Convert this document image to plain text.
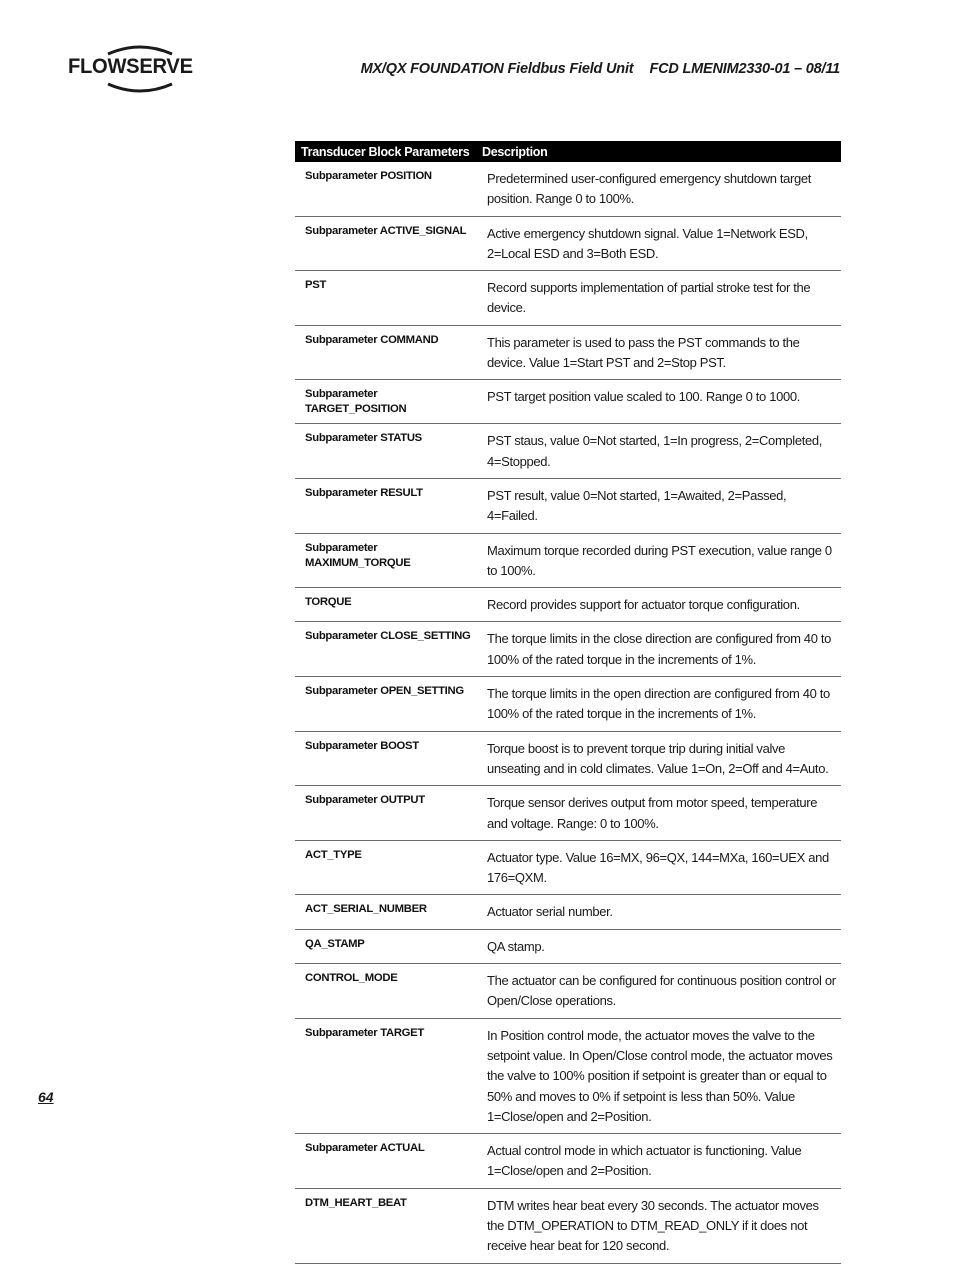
FLOWSERVE	MX/QX FOUNDATION Fieldbus Field Unit FCD LMENIM2330-01 – 08/11
Transducer Block Parameters	Description
Subparameter POSITION	Predetermined user-configured emergency shutdown target position. Range 0 to 100%.
Subparameter ACTIVE_SIGNAL	Active emergency shutdown signal. Value 1=Network ESD, 2=Local ESD and 3=Both ESD.
PST	Record supports implementation of partial stroke test for the device.
Subparameter COMMAND	This parameter is used to pass the PST commands to the device. Value 1=Start PST and 2=Stop PST.
Subparameter TARGET_POSITION	PST target position value scaled to 100. Range 0 to 1000.
Subparameter STATUS	PST staus, value 0=Not started, 1=In progress, 2=Completed, 4=Stopped.
Subparameter RESULT	PST result, value 0=Not started, 1=Awaited, 2=Passed, 4=Failed.
Subparameter MAXIMUM_TORQUE	Maximum torque recorded during PST execution, value range 0 to 100%.
TORQUE	Record provides support for actuator torque configuration.
Subparameter CLOSE_SETTING	The torque limits in the close direction are configured from 40 to 100% of the rated torque in the increments of 1%.
Subparameter OPEN_SETTING	The torque limits in the open direction are configured from 40 to 100% of the rated torque in the increments of 1%.
Subparameter BOOST	Torque boost is to prevent torque trip during initial valve unseating and in cold climates. Value 1=On, 2=Off and 4=Auto.
Subparameter OUTPUT	Torque sensor derives output from motor speed, temperature and voltage. Range: 0 to 100%.
ACT_TYPE	Actuator type. Value 16=MX, 96=QX, 144=MXa, 160=UEX and 176=QXM.
ACT_SERIAL_NUMBER	Actuator serial number.
QA_STAMP	QA stamp.
CONTROL_MODE	The actuator can be configured for continuous position control or Open/Close operations.
Subparameter TARGET	In Position control mode, the actuator moves the valve to the setpoint value. In Open/Close control mode, the actuator moves the valve to 100% position if setpoint is greater than or equal to 50% and moves to 0% if setpoint is less than 50%. Value 1=Close/open and 2=Position.
Subparameter ACTUAL	Actual control mode in which actuator is functioning. Value 1=Close/open and 2=Position.
DTM_HEART_BEAT	DTM writes hear beat every 30 seconds. The actuator moves the DTM_OPERATION to DTM_READ_ONLY if it does not receive hear beat for 120 second.
64
